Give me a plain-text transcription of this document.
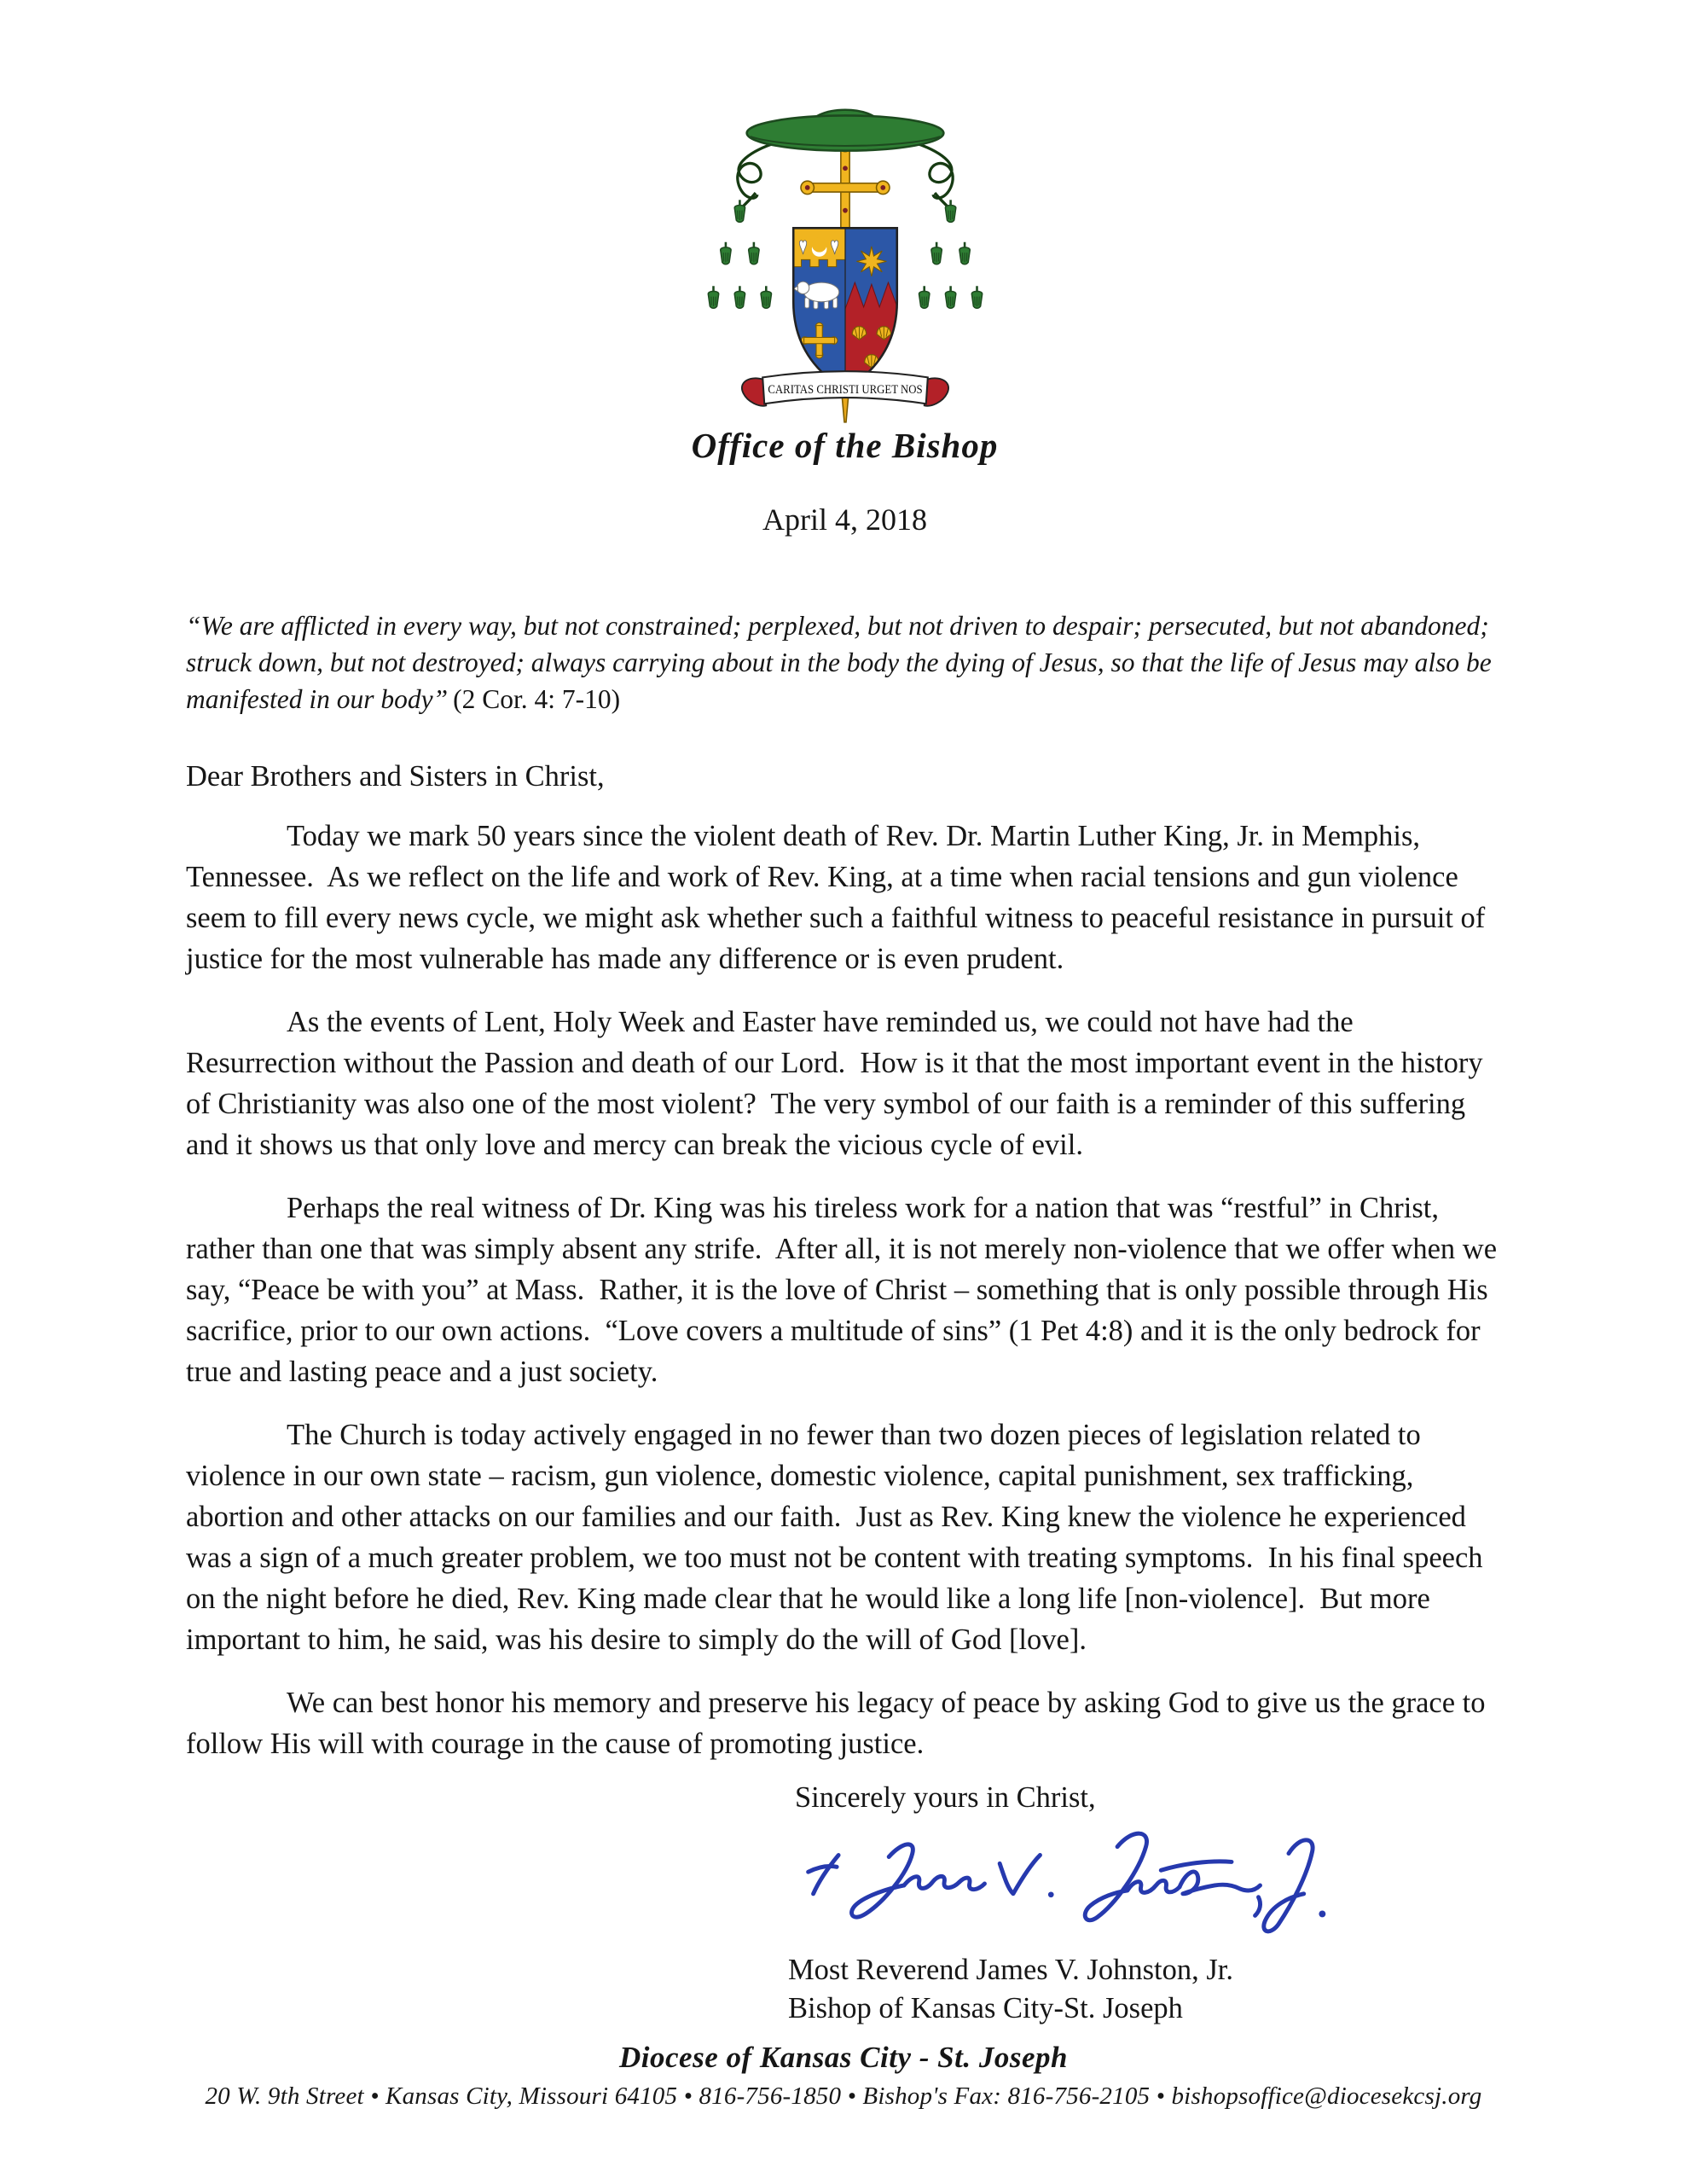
CARITAS CHRISTI URGET NOS
Office of the Bishop
April 4, 2018
“We are afflicted in every way, but not constrained; perplexed, but not driven to despair; persecuted, but not abandoned; struck down, but not destroyed; always carrying about in the body the dying of Jesus, so that the life of Jesus may also be manifested in our body” (2 Cor. 4: 7-10)

Dear Brothers and Sisters in Christ,

Today we mark 50 years since the violent death of Rev. Dr. Martin Luther King, Jr. in Memphis, Tennessee.  As we reflect on the life and work of Rev. King, at a time when racial tensions and gun violence seem to fill every news cycle, we might ask whether such a faithful witness to peaceful resistance in pursuit of justice for the most vulnerable has made any difference or is even prudent.

As the events of Lent, Holy Week and Easter have reminded us, we could not have had the Resurrection without the Passion and death of our Lord.  How is it that the most important event in the history of Christianity was also one of the most violent?  The very symbol of our faith is a reminder of this suffering and it shows us that only love and mercy can break the vicious cycle of evil.

Perhaps the real witness of Dr. King was his tireless work for a nation that was “restful” in Christ, rather than one that was simply absent any strife.  After all, it is not merely non-violence that we offer when we say, “Peace be with you” at Mass.  Rather, it is the love of Christ – something that is only possible through His sacrifice, prior to our own actions.  “Love covers a multitude of sins” (1 Pet 4:8) and it is the only bedrock for true and lasting peace and a just society.

The Church is today actively engaged in no fewer than two dozen pieces of legislation related to violence in our own state – racism, gun violence, domestic violence, capital punishment, sex trafficking, abortion and other attacks on our families and our faith.  Just as Rev. King knew the violence he experienced was a sign of a much greater problem, we too must not be content with treating symptoms.  In his final speech on the night before he died, Rev. King made clear that he would like a long life [non-violence].  But more important to him, he said, was his desire to simply do the will of God [love].

We can best honor his memory and preserve his legacy of peace by asking God to give us the grace to follow His will with courage in the cause of promoting justice.

Sincerely yours in Christ,

Most Reverend James V. Johnston, Jr.

Bishop of Kansas City-St. Joseph

Diocese of Kansas City - St. Joseph
20 W. 9th Street • Kansas City, Missouri 64105 • 816-756-1850 • Bishop's Fax: 816-756-2105 • bishopsoffice@diocesekcsj.org
